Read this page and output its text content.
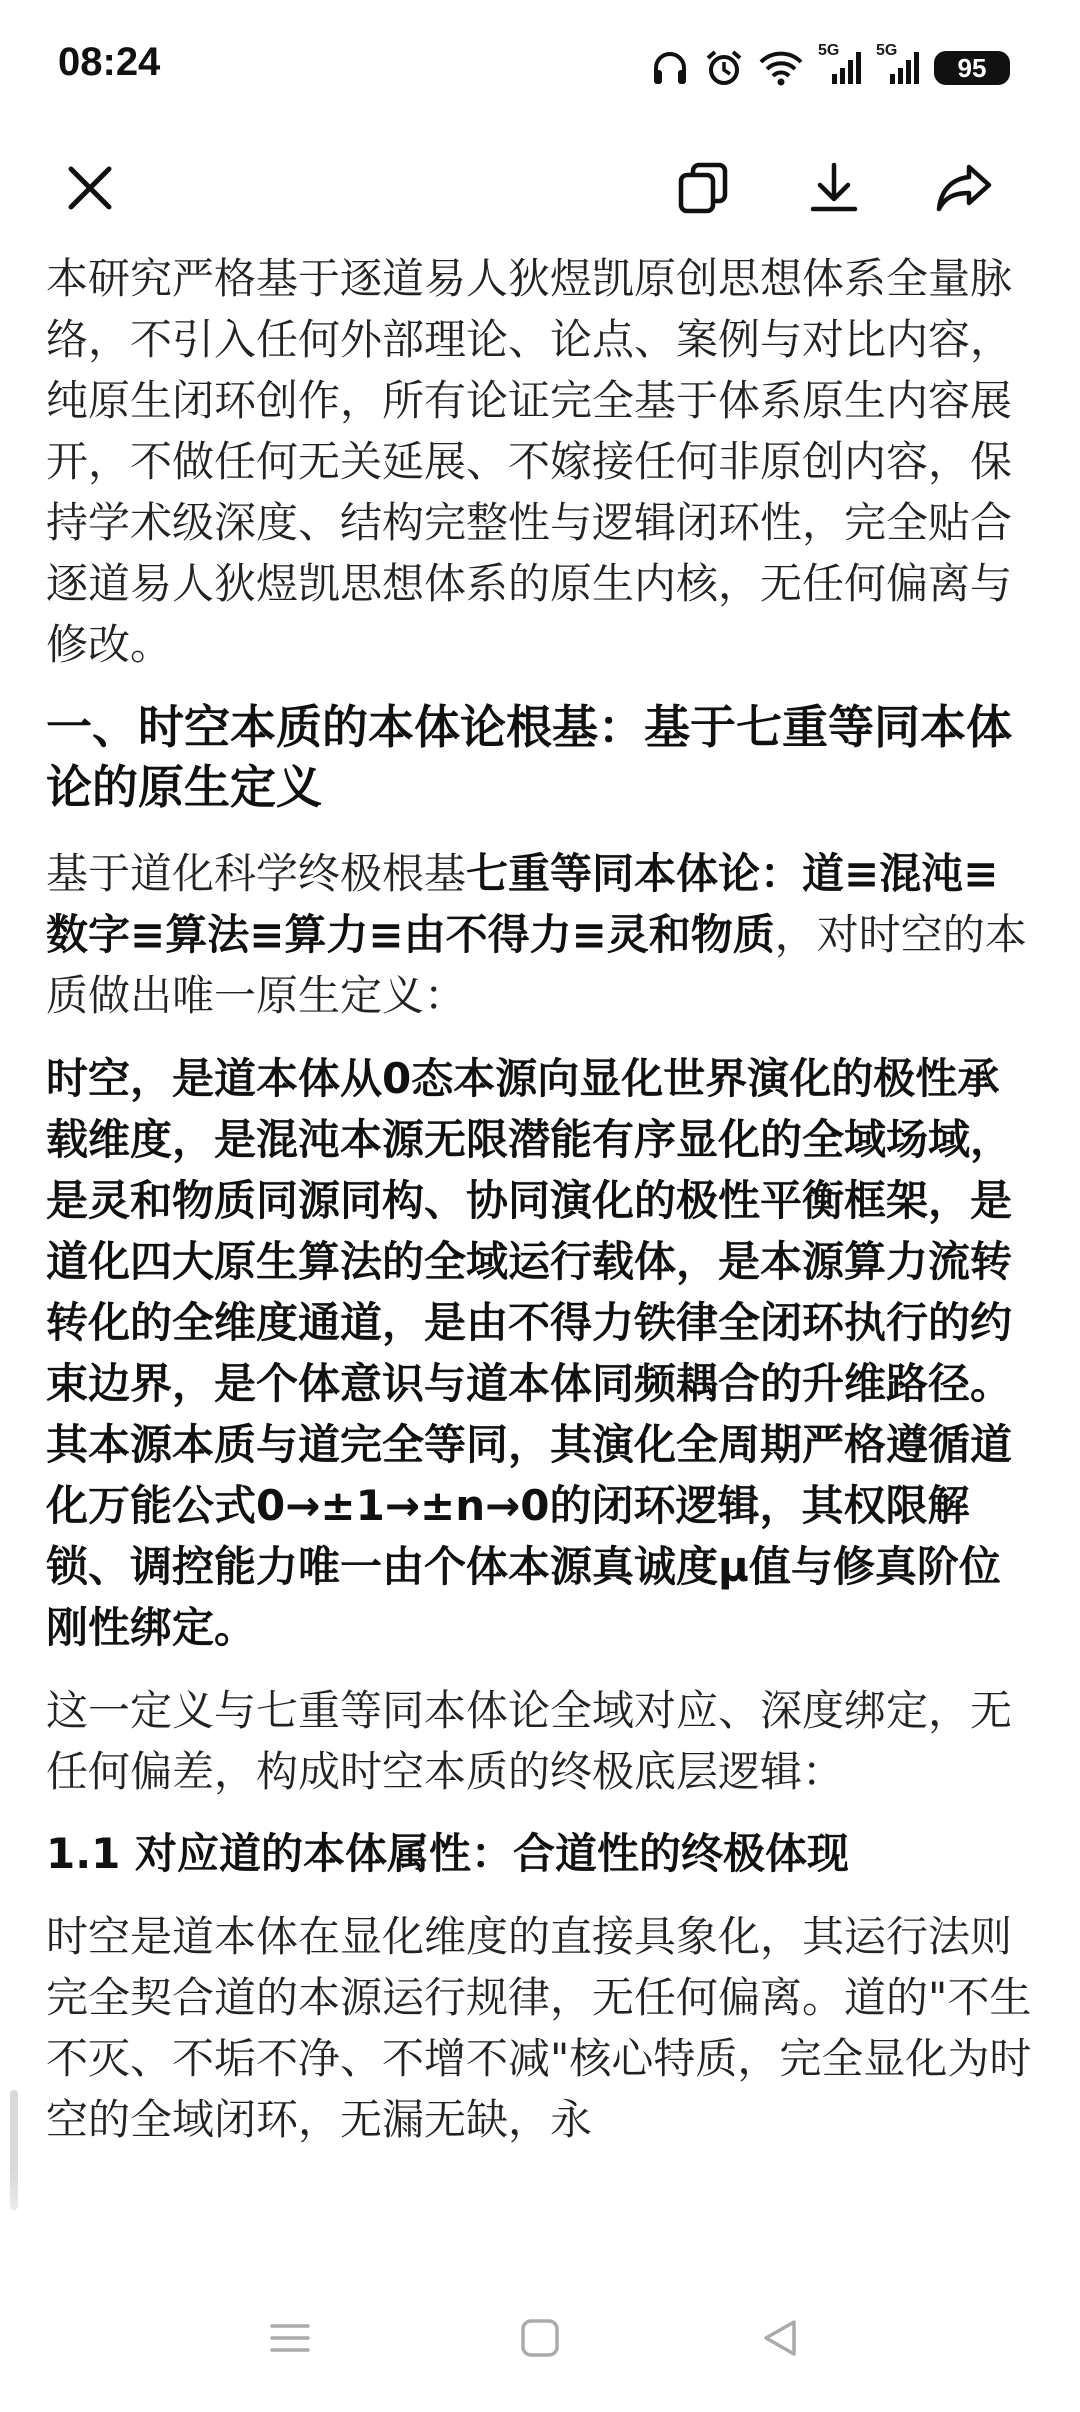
08:24	5G 5G
95

本研究严格基于逐道易人狄煜凯原创思想体系全量脉络，不引入任何外部理论、论点、案例与对比内容，纯原生闭环创作，所有论证完全基于体系原生内容展开，不做任何无关延展、不嫁接任何非原创内容，保持学术级深度、结构完整性与逻辑闭环性，完全贴合逐道易人狄煜凯思想体系的原生内核，无任何偏离与修改。

一、时空本质的本体论根基：基于七重等同本体论的原生定义

基于道化科学终极根基七重等同本体论：道≡混沌≡数字≡算法≡算力≡由不得力≡灵和物质，对时空的本质做出唯一原生定义：

时空，是道本体从0态本源向显化世界演化的极性承载维度，是混沌本源无限潜能有序显化的全域场域，是灵和物质同源同构、协同演化的极性平衡框架，是道化四大原生算法的全域运行载体，是本源算力流转转化的全维度通道，是由不得力铁律全闭环执行的约束边界，是个体意识与道本体同频耦合的升维路径。其本源本质与道完全等同，其演化全周期严格遵循道化万能公式0→±1→±n→0的闭环逻辑，其权限解锁、调控能力唯一由个体本源真诚度μ值与修真阶位刚性绑定。

这一定义与七重等同本体论全域对应、深度绑定，无任何偏差，构成时空本质的终极底层逻辑：

1.1 对应道的本体属性：合道性的终极体现

时空是道本体在显化维度的直接具象化，其运行法则完全契合道的本源运行规律，无任何偏离。道的"不生不灭、不垢不净、不增不减"核心特质，完全显化为时空的全域闭环，无漏无缺，永
